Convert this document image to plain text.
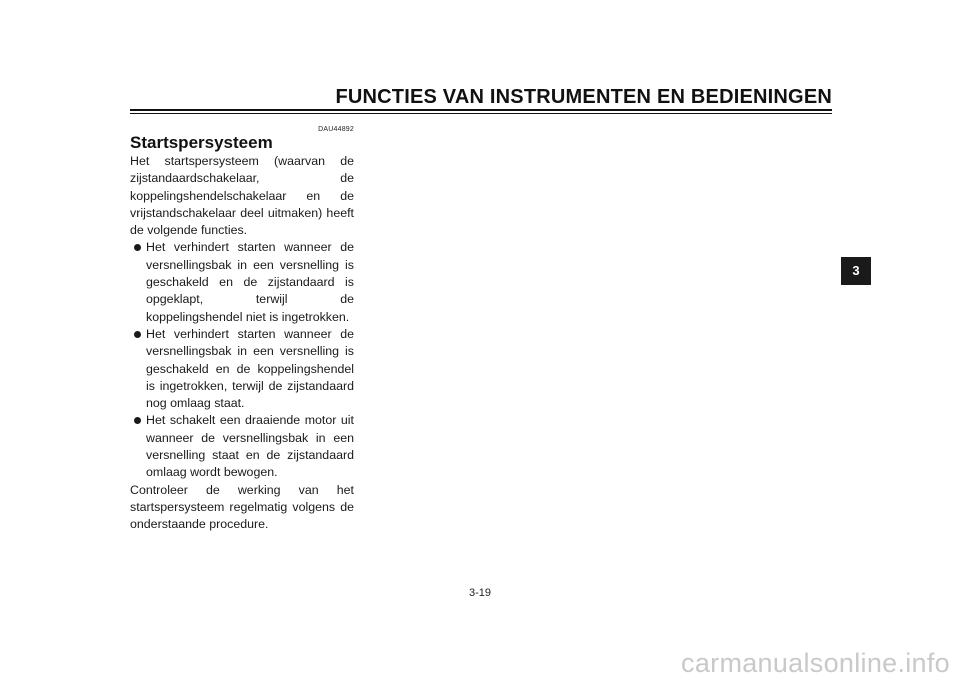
FUNCTIES VAN INSTRUMENTEN EN BEDIENINGEN
DAU44892
Startspersysteem

Het startspersysteem (waarvan de zijstandaardschakelaar, de koppelingshendelschakelaar en de vrijstandschakelaar deel uitmaken) heeft de volgende functies.

Het verhindert starten wanneer de versnellingsbak in een versnelling is geschakeld en de zijstandaard is opgeklapt, terwijl de koppelingshendel niet is ingetrokken.
Het verhindert starten wanneer de versnellingsbak in een versnelling is geschakeld en de koppelingshendel is ingetrokken, terwijl de zijstandaard nog omlaag staat.
Het schakelt een draaiende motor uit wanneer de versnellingsbak in een versnelling staat en de zijstandaard omlaag wordt bewogen.

Controleer de werking van het startspersysteem regelmatig volgens de onderstaande procedure.

3-19
3
carmanualsonline.info
